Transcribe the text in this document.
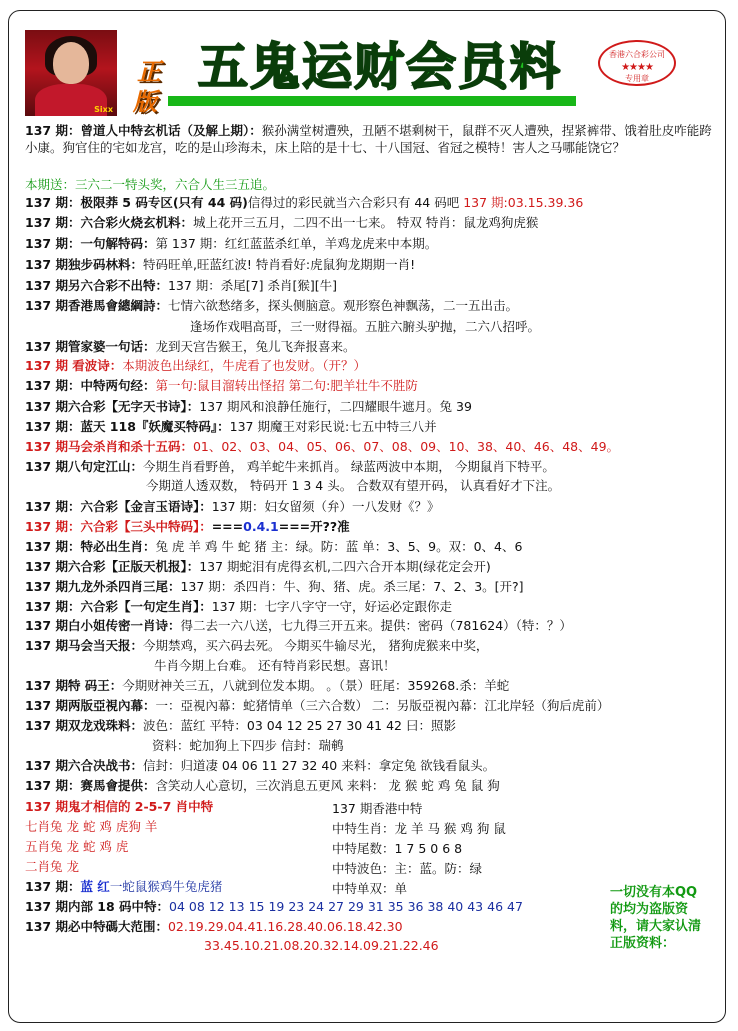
Sixx
正
版
五鬼运财会员料	香港六合彩公司
★★★★
专用章
137 期：曾道人中特玄机话（及解上期）：猴孙满堂树遭殃，丑陋不堪剩树干，鼠群不灭人遭殃，捏紧裤带、饿着肚皮咋能跨小康。狗官住的宅如龙宫，吃的是山珍海未，床上陪的是十七、十八国冠、省冠之模特！害人之马哪能饶它？
本期送：三六二一特头奖，六合人生三五追。
137 期：极限莽 5 码专区(只有 44 码)信得过的彩民就当六合彩只有 44 码吧 137 期:03.15.39.36
137 期：六合彩火烧玄机料：城上花开三五月，二四不出一七来。 特双 特肖：鼠龙鸡狗虎猴
137 期：一句解特码：第 137 期：红红蓝蓝杀红单，羊鸡龙虎来中本期。
137 期独步码林料：特码旺单,旺蓝红波! 特肖看好:虎鼠狗龙期期一肖!
137 期另六合彩不出特：137 期：杀尾[7] 杀肖[猴][牛]
137 期香港馬會總綱詩：七情六欲愁绪多，探头侧脑意。观形察色神飘荡，二一五出击。
逢场作戏唱高哥，三一财得福。五脏六腑头驴抛，二六八招呼。
137 期管家婆一句话：龙到天宫告猴王，兔儿飞奔报喜来。
137 期 看波诗：本期波色出绿红，牛虎看了也发财。（开？）
137 期：中特两句经：第一句:鼠目溜转出怪招 第二句:肥羊壮牛不胜防
137 期六合彩【无字天书诗】：137 期风和浪静任施行，二四耀眼牛遮月。兔 39
137 期：蓝天 118『妖魔买特码』：137 期魔王对彩民说:七五中特三八并
137 期马会杀肖和杀十五码：01、02、03、04、05、06、07、08、09、10、38、40、46、48、49。
137 期八句定江山：今期生肖看野兽， 鸡羊蛇牛来抓肖。 绿蓝两波中本期， 今期鼠肖下特平。
今期道人透双数， 特码开 1 3 4 头。 合数双有望开码， 认真看好才下注。
137 期：六合彩【金言玉语诗】：137 期：妇女留须（弁）一八发财《？》
137 期：六合彩【三头中特码】：===0.4.1===开??准
137 期：特必出生肖：兔 虎 羊 鸡 牛 蛇 猪 主：绿。防：蓝 单：3、5、9。双：0、4、6
137 期六合彩【正版天机报】：137 期蛇泪有虎得玄机,二四六合开本期(绿花定会开)
137 期九龙外杀四肖三尾：137 期：杀四肖：牛、狗、猪、虎。杀三尾：7、2、3。[开?]
137 期：六合彩【一句定生肖】：137 期：七字八字守一守，好运必定跟你走
137 期白小姐传密一肖诗：得二去一六八送，七九得三开五来。提供：密码（781624）（特：？）
137 期马会当天报：今期禁鸡，买六码去死。 今期买牛输尽光， 猪狗虎猴来中奖，
牛肖今期上台难。 还有特肖彩民想。喜讯！
137 期特 码王：今期财神关三五，八就到位发本期。 。（景）旺尾：359268.杀：羊蛇
137 期两版亞視內幕：一：亞視內幕：蛇猪情单（三六合数） 二：另版亞視內幕：江北岸轻（狗后虎前）
137 期双龙戏珠料：波色：蓝红 平特：03 04 12 25 27 30 41 42 曰：照影
资料：蛇加狗上下四步 信封：瑞鹌
137 期六合决战书：信封：归道凄 04 06 11 27 32 40 来料：拿定兔 欲钱看鼠头。
137 期：赛馬會提供：含笑动人心意切，三次消息五更风 来料： 龙 猴 蛇 鸡 兔 鼠 狗
137 期鬼才相信的 2-5-7 肖中特
七肖兔 龙 蛇 鸡 虎狗 羊
五肖兔 龙 蛇 鸡 虎
二肖兔 龙
137 期：蓝 红一蛇鼠猴鸡牛兔虎猪
137 期香港中特
中特生肖：龙 羊 马 猴 鸡 狗 鼠
中特尾数：1 7 5 0 6 8
中特波色：主：蓝。防：绿
中特单双：单
137 期内部 18 码中特：04 08 12 13 15 19 23 24 27 29 31 35 36 38 40 43 46 47
137 期必中特碼大范围：02.19.29.04.41.16.28.40.06.18.42.30
33.45.10.21.08.20.32.14.09.21.22.46
一切没有本QQ 的均为盗版资料，请大家认清正版资料：
